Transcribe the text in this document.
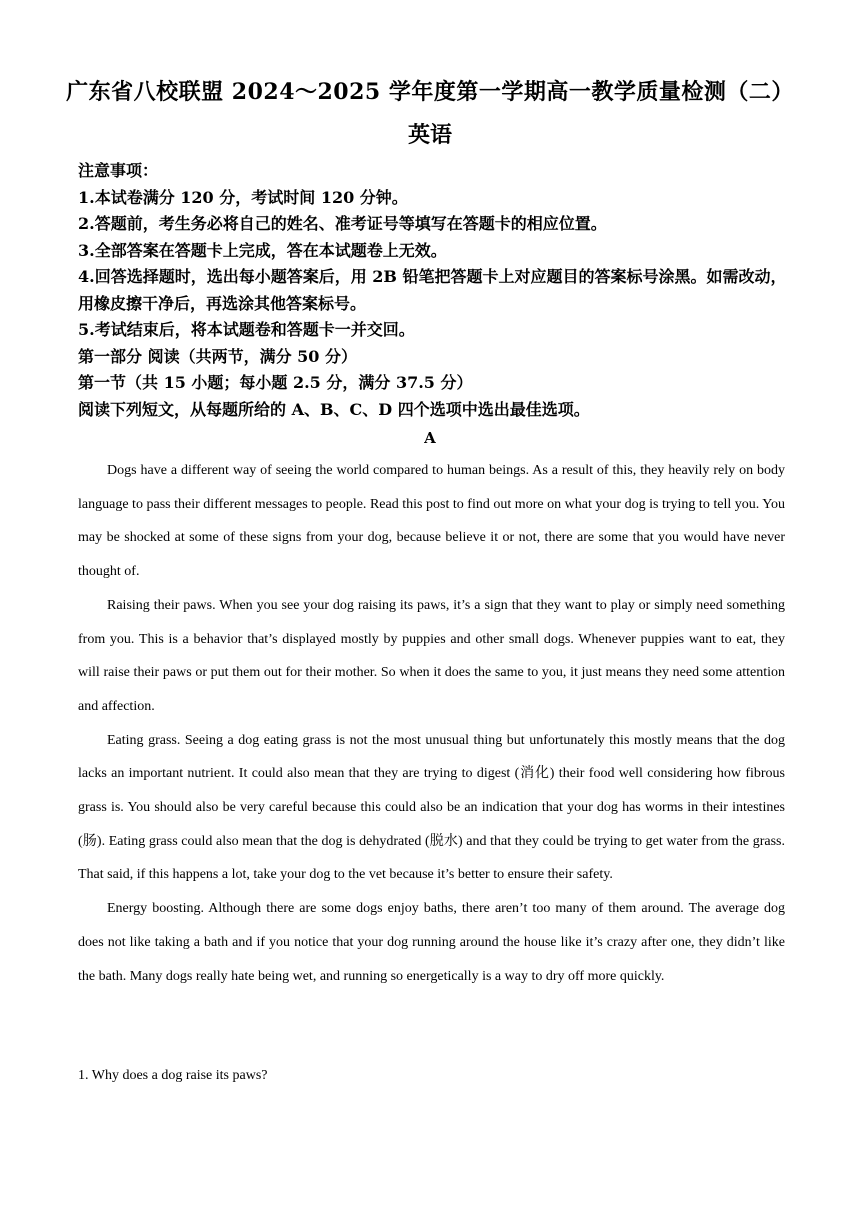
广东省八校联盟 2024～2025 学年度第一学期高一教学质量检测（二）
英语
注意事项：
1.本试卷满分 120 分，考试时间 120 分钟。
2.答题前，考生务必将自己的姓名、准考证号等填写在答题卡的相应位置。
3.全部答案在答题卡上完成，答在本试题卷上无效。
4.回答选择题时，选出每小题答案后，用 2B 铅笔把答题卡上对应题目的答案标号涂黑。如需改动，用橡皮擦干净后，再选涂其他答案标号。
5.考试结束后，将本试题卷和答题卡一并交回。
第一部分 阅读（共两节，满分 50 分）
第一节（共 15 小题；每小题 2.5 分，满分 37.5 分）
阅读下列短文，从每题所给的 A、B、C、D 四个选项中选出最佳选项。
A

Dogs have a different way of seeing the world compared to human beings. As a result of this, they heavily rely on body language to pass their different messages to people. Read this post to find out more on what your dog is trying to tell you. You may be shocked at some of these signs from your dog, because believe it or not, there are some that you would have never thought of.

Raising their paws. When you see your dog raising its paws, it’s a sign that they want to play or simply need something from you. This is a behavior that’s displayed mostly by puppies and other small dogs. Whenever puppies want to eat, they will raise their paws or put them out for their mother. So when it does the same to you, it just means they need some attention and affection.

Eating grass. Seeing a dog eating grass is not the most unusual thing but unfortunately this mostly means that the dog lacks an important nutrient. It could also mean that they are trying to digest (消化) their food well considering how fibrous grass is. You should also be very careful because this could also be an indication that your dog has worms in their intestines (肠). Eating grass could also mean that the dog is dehydrated (脱水) and that they could be trying to get water from the grass. That said, if this happens a lot, take your dog to the vet because it’s better to ensure their safety.

Energy boosting. Although there are some dogs enjoy baths, there aren’t too many of them around. The average dog does not like taking a bath and if you notice that your dog running around the house like it’s crazy after one, they didn’t like the bath. Many dogs really hate being wet, and running so energetically is a way to dry off more quickly.

1. Why does a dog raise its paws?
